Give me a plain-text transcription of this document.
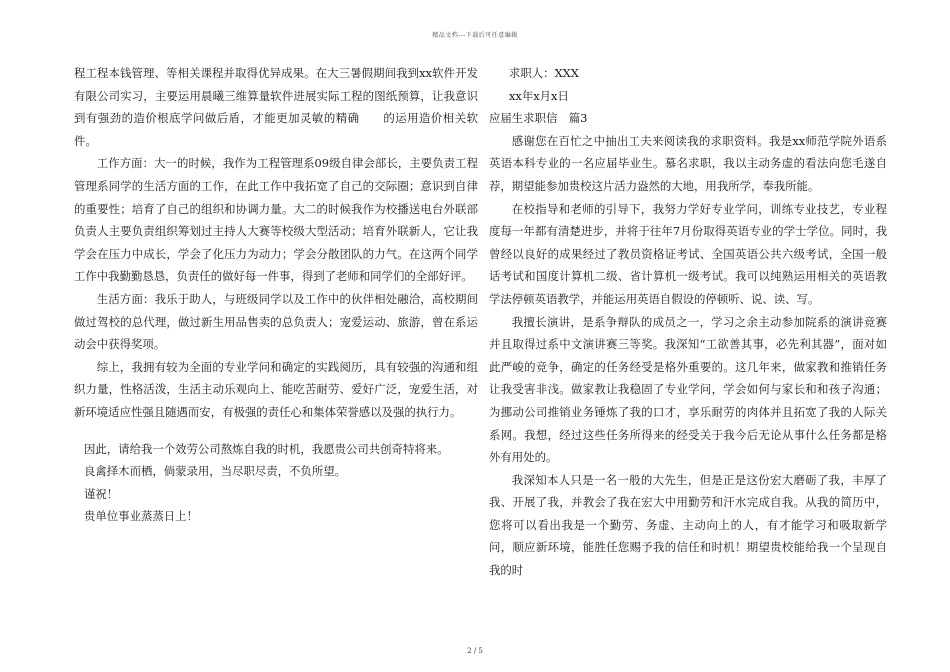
精品文档---下载后可任意编辑

程工程本钱管理、等相关课程并取得优异成果。在大三暑假期间我到xx软件开发有限公司实习，主要运用晨曦三维算量软件进展实际工程的图纸预算，让我意识到有强劲的造价根底学问做后盾，才能更加灵敏的精确　　的运用造价相关软件。

工作方面：大一的时候，我作为工程管理系09级自律会部长，主要负责工程管理系同学的生活方面的工作，在此工作中我拓宽了自己的交际圈；意识到自律的重要性；培育了自己的组织和协调力量。大二的时候我作为校播送电台外联部负责人主要负责组织筹划过主持人大赛等校级大型活动；培育外联新人，它让我学会在压力中成长，学会了化压力为动力；学会分散团队的力气。在这两个同学工作中我勤勤恳恳，负责任的做好每一件事，得到了老师和同学们的全部好评。

生活方面：我乐于助人，与班级同学以及工作中的伙伴相处融洽，高校期间做过驾校的总代理，做过新生用品售卖的总负责人；宠爱运动、旅游，曾在系运动会中获得奖项。

综上，我拥有较为全面的专业学问和确定的实践阅历，具有较强的沟通和组织力量，性格活泼，生活主动乐观向上、能吃苦耐劳、爱好广泛，宠爱生活，对新环境适应性强且随遇而安，有极强的责任心和集体荣誉感以及强的执行力。

因此，请给我一个效劳公司熬炼自我的时机，我愿贵公司共创奇特将来。

良禽择木而栖，倘蒙录用，当尽职尽责，不负所望。

谨祝！

贵单位事业蒸蒸日上！

求职人：XXX

xx年x月x日

应届生求职信　篇3

感谢您在百忙之中抽出工夫来阅读我的求职资料。我是xx师范学院外语系英语本科专业的一名应届毕业生。慕名求职，我以主动务虚的看法向您毛遂自荐，期望能参加贵校这片活力盎然的大地，用我所学，奉我所能。

在校指导和老师的引导下，我努力学好专业学问，训练专业技艺，专业程度每一年都有清楚进步，并将于往年7月份取得英语专业的学士学位。同时，我曾经以良好的成果经过了教员资格证考试、全国英语公共六级考试，全国一般话考试和国度计算机二级、省计算机一级考试。我可以纯熟运用相关的英语教学法停顿英语教学，并能运用英语自假设的停顿听、说、读、写。

我擅长演讲，是系争辩队的成员之一，学习之余主动参加院系的演讲竞赛并且取得过系中文演讲赛三等奖。我深知“工欲善其事，必先利其器”，面对如此严峻的竞争，确定的任务经受是格外重要的。这几年来，做家教和推销任务让我受害非浅。做家教让我稳固了专业学问，学会如何与家长和和孩子沟通；为挪动公司推销业务锤炼了我的口才，享乐耐劳的肉体并且拓宽了我的人际关系网。我想，经过这些任务所得来的经受关于我今后无论从事什么任务都是格外有用处的。

我深知本人只是一名一般的大先生，但是正是这份宏大磨砺了我，丰厚了我、开展了我，并教会了我在宏大中用勤劳和汗水完成自我。从我的简历中，您将可以看出我是一个勤劳、务虚、主动向上的人，有才能学习和吸取新学问，顺应新环境，能胜任您赐予我的信任和时机！期望贵校能给我一个呈现自我的时

2 / 5
